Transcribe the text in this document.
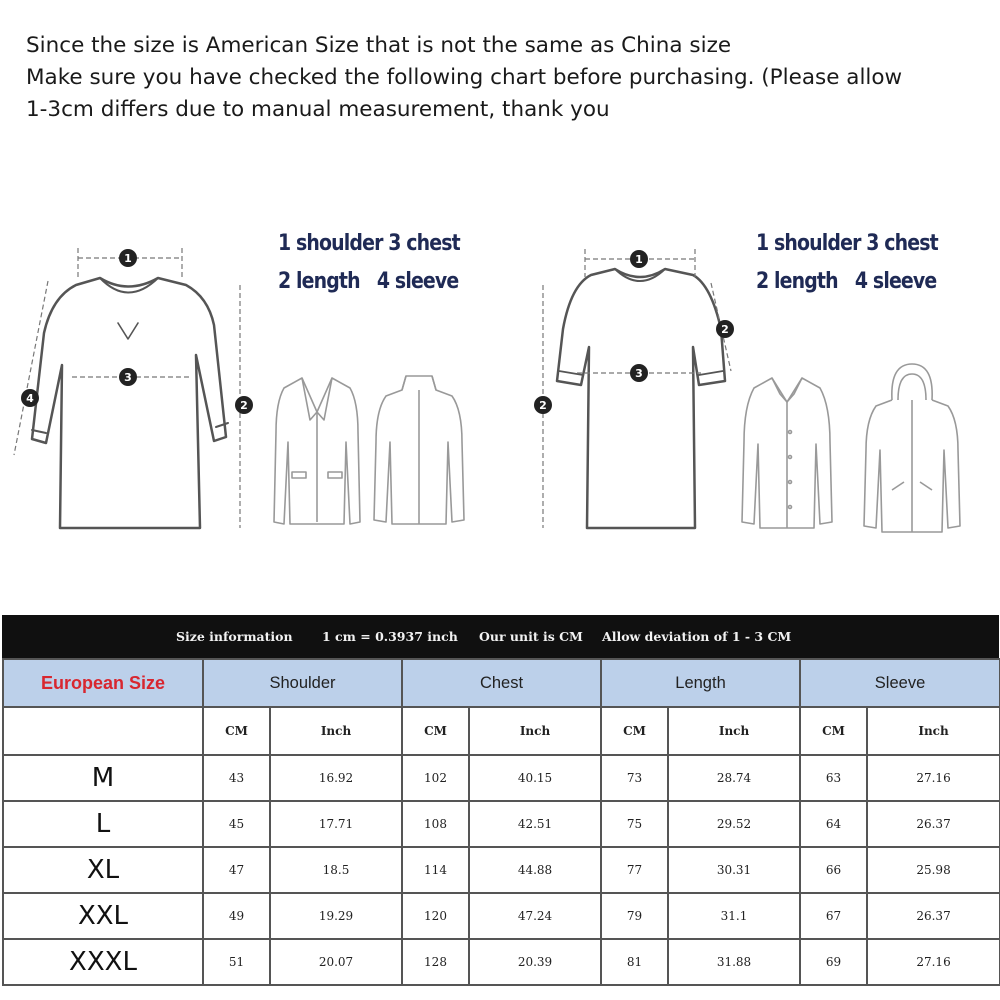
Since the size is American Size that is not the same as China size
Make sure you have checked the following chart before purchasing. (Please allow
1-3cm differs due to manual measurement, thank you
1
2
3
4
1 shoulder 3 chest
2 length   4 sleeve
1
2
3
2
1 shoulder 3 chest
2 length   4 sleeve
Size information 1 cm = 0.3937 inch Our unit is CM Allow deviation of 1 - 3 CM
European Size	Shoulder		Chest		Length		Sleeve	
	CM	Inch	CM	Inch	CM	Inch	CM	Inch
M	43	16.92	102	40.15	73	28.74	63	27.16
L	45	17.71	108	42.51	75	29.52	64	26.37
XL	47	18.5	114	44.88	77	30.31	66	25.98
XXL	49	19.29	120	47.24	79	31.1	67	26.37
XXXL	51	20.07	128	20.39	81	31.88	69	27.16
